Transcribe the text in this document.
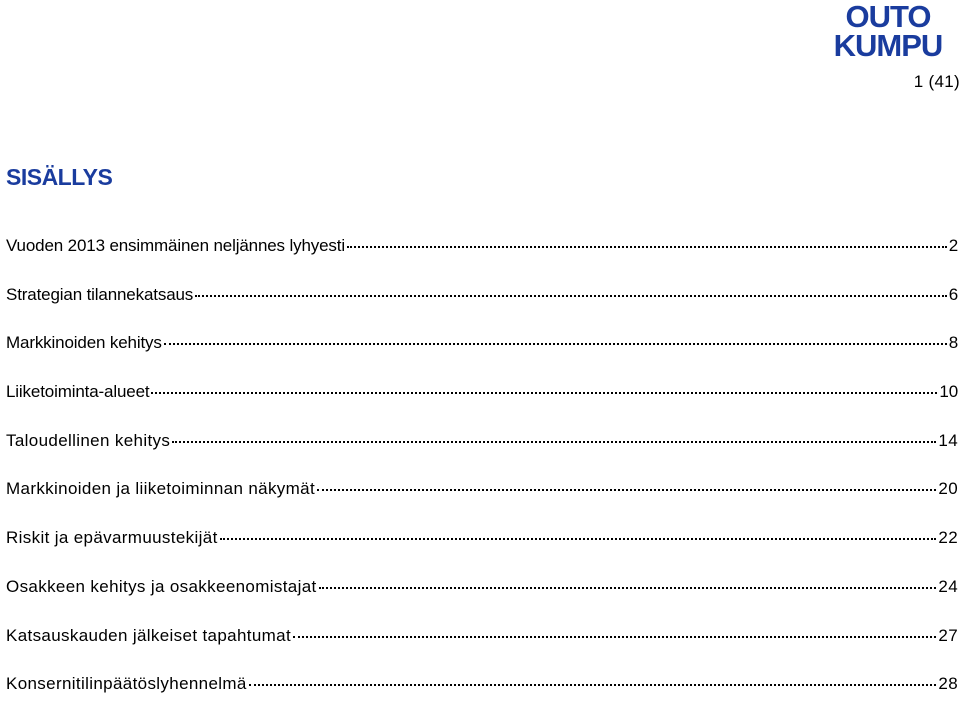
OUTO
KUMPU
1 (41)
SISÄLLYS
Vuoden 2013 ensimmäinen neljännes lyhyesti	2
Strategian tilannekatsaus	6
Markkinoiden kehitys	8
Liiketoiminta-alueet	10
Taloudellinen kehitys	14
Markkinoiden ja liiketoiminnan näkymät	20
Riskit ja epävarmuustekijät	22
Osakkeen kehitys ja osakkeenomistajat	24
Katsauskauden jälkeiset tapahtumat	27
Konsernitilinpäätöslyhennelmä	28
